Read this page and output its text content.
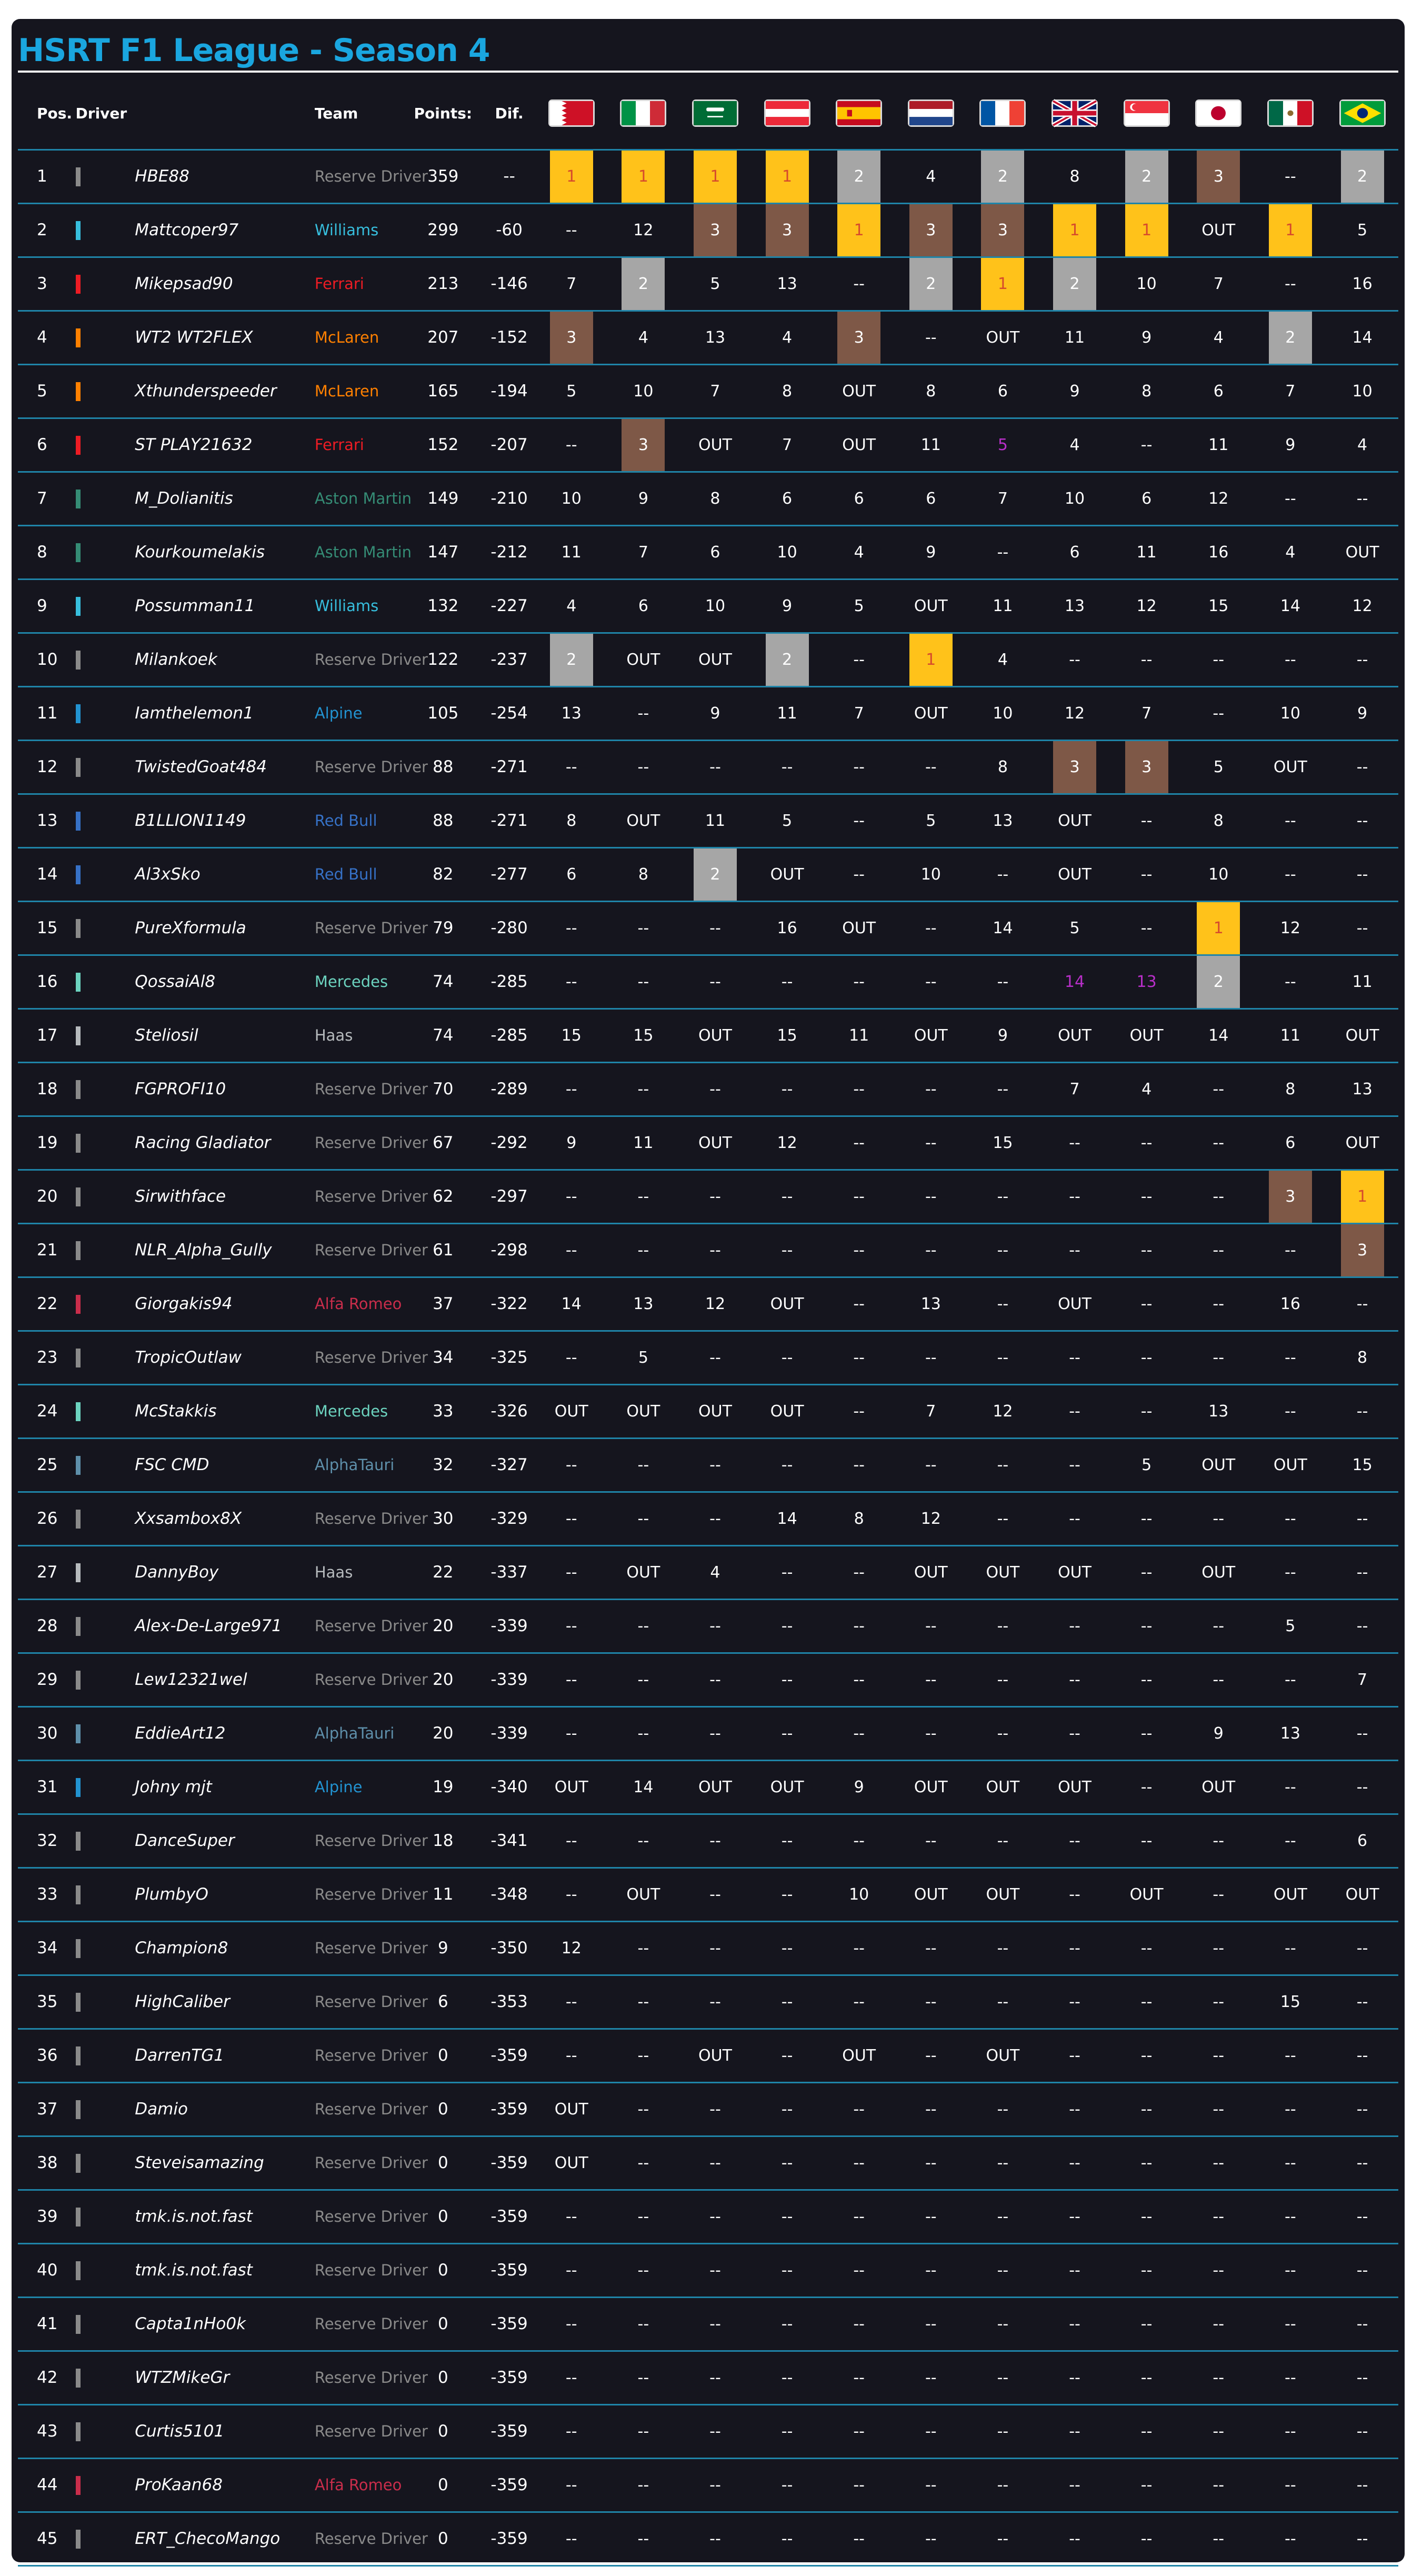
HSRT F1 League - Season 4
Pos.	Driver			Team	Points:	Dif.	

1			HBE88	Reserve Driver	359	--	1	1	1	1	2	4	2	8	2	3	--	2

2			Mattcoper97	Williams	299	-60	--	12	3	3	1	3	3	1	1	OUT	1	5

3			Mikepsad90	Ferrari	213	-146	7	2	5	13	--	2	1	2	10	7	--	16

4			WT2 WT2FLEX	McLaren	207	-152	3	4	13	4	3	--	OUT	11	9	4	2	14

5			Xthunderspeeder	McLaren	165	-194	5	10	7	8	OUT	8	6	9	8	6	7	10

6			ST PLAY21632	Ferrari	152	-207	--	3	OUT	7	OUT	11	5	4	--	11	9	4

7			M_Dolianitis	Aston Martin	149	-210	10	9	8	6	6	6	7	10	6	12	--	--

8			Kourkoumelakis	Aston Martin	147	-212	11	7	6	10	4	9	--	6	11	16	4	OUT

9			Possumman11	Williams	132	-227	4	6	10	9	5	OUT	11	13	12	15	14	12

10			Milankoek	Reserve Driver	122	-237	2	OUT	OUT	2	--	1	4	--	--	--	--	--

11			Iamthelemon1	Alpine	105	-254	13	--	9	11	7	OUT	10	12	7	--	10	9

12			TwistedGoat484	Reserve Driver	88	-271	--	--	--	--	--	--	8	3	3	5	OUT	--

13			B1LLION1149	Red Bull	88	-271	8	OUT	11	5	--	5	13	OUT	--	8	--	--

14			Al3xSko	Red Bull	82	-277	6	8	2	OUT	--	10	--	OUT	--	10	--	--

15			PureXformula	Reserve Driver	79	-280	--	--	--	16	OUT	--	14	5	--	1	12	--

16			QossaiAl8	Mercedes	74	-285	--	--	--	--	--	--	--	14	13	2	--	11

17			Steliosil	Haas	74	-285	15	15	OUT	15	11	OUT	9	OUT	OUT	14	11	OUT

18			FGPROFI10	Reserve Driver	70	-289	--	--	--	--	--	--	--	7	4	--	8	13

19			Racing Gladiator	Reserve Driver	67	-292	9	11	OUT	12	--	--	15	--	--	--	6	OUT

20			Sirwithface	Reserve Driver	62	-297	--	--	--	--	--	--	--	--	--	--	3	1

21			NLR_Alpha_Gully	Reserve Driver	61	-298	--	--	--	--	--	--	--	--	--	--	--	3

22			Giorgakis94	Alfa Romeo	37	-322	14	13	12	OUT	--	13	--	OUT	--	--	16	--

23			TropicOutlaw	Reserve Driver	34	-325	--	5	--	--	--	--	--	--	--	--	--	8

24			McStakkis	Mercedes	33	-326	OUT	OUT	OUT	OUT	--	7	12	--	--	13	--	--

25			FSC CMD	AlphaTauri	32	-327	--	--	--	--	--	--	--	--	5	OUT	OUT	15

26			Xxsambox8X	Reserve Driver	30	-329	--	--	--	14	8	12	--	--	--	--	--	--

27			DannyBoy	Haas	22	-337	--	OUT	4	--	--	OUT	OUT	OUT	--	OUT	--	--

28			Alex-De-Large971	Reserve Driver	20	-339	--	--	--	--	--	--	--	--	--	--	5	--

29			Lew12321wel	Reserve Driver	20	-339	--	--	--	--	--	--	--	--	--	--	--	7

30			EddieArt12	AlphaTauri	20	-339	--	--	--	--	--	--	--	--	--	9	13	--

31			Johny mjt	Alpine	19	-340	OUT	14	OUT	OUT	9	OUT	OUT	OUT	--	OUT	--	--

32			DanceSuper	Reserve Driver	18	-341	--	--	--	--	--	--	--	--	--	--	--	6

33			PlumbyO	Reserve Driver	11	-348	--	OUT	--	--	10	OUT	OUT	--	OUT	--	OUT	OUT

34			Champion8	Reserve Driver	9	-350	12	--	--	--	--	--	--	--	--	--	--	--

35			HighCaliber	Reserve Driver	6	-353	--	--	--	--	--	--	--	--	--	--	15	--

36			DarrenTG1	Reserve Driver	0	-359	--	--	OUT	--	OUT	--	OUT	--	--	--	--	--

37			Damio	Reserve Driver	0	-359	OUT	--	--	--	--	--	--	--	--	--	--	--

38			Steveisamazing	Reserve Driver	0	-359	OUT	--	--	--	--	--	--	--	--	--	--	--

39			tmk.is.not.fast	Reserve Driver	0	-359	--	--	--	--	--	--	--	--	--	--	--	--

40			tmk.is.not.fast	Reserve Driver	0	-359	--	--	--	--	--	--	--	--	--	--	--	--

41			Capta1nHo0k	Reserve Driver	0	-359	--	--	--	--	--	--	--	--	--	--	--	--

42			WTZMikeGr	Reserve Driver	0	-359	--	--	--	--	--	--	--	--	--	--	--	--

43			Curtis5101	Reserve Driver	0	-359	--	--	--	--	--	--	--	--	--	--	--	--

44			ProKaan68	Alfa Romeo	0	-359	--	--	--	--	--	--	--	--	--	--	--	--

45			ERT_ChecoMango	Reserve Driver	0	-359	--	--	--	--	--	--	--	--	--	--	--	--
